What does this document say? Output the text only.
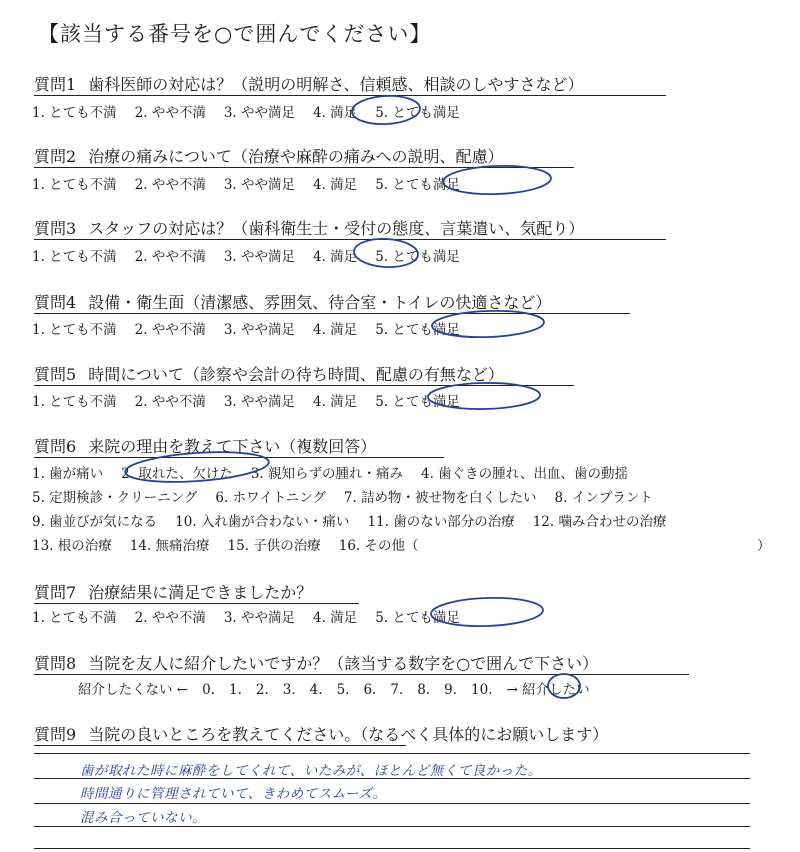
【該当する番号を○で囲んでください】
質問1 歯科医師の対応は？（説明の明解さ、信頼感、相談のしやすさなど）
1. とても不満 2. やや不満 3. やや満足 4. 満足 5. とても満足
質問2 治療の痛みについて（治療や麻酔の痛みへの説明、配慮）
1. とても不満 2. やや不満 3. やや満足 4. 満足 5. とても満足
質問3 スタッフの対応は？（歯科衛生士・受付の態度、言葉遣い、気配り）
1. とても不満 2. やや不満 3. やや満足 4. 満足 5. とても満足
質問4 設備・衛生面（清潔感、雰囲気、待合室・トイレの快適さなど）
1. とても不満 2. やや不満 3. やや満足 4. 満足 5. とても満足
質問5 時間について（診察や会計の待ち時間、配慮の有無など）
1. とても不満 2. やや不満 3. やや満足 4. 満足 5. とても満足
質問6 来院の理由を教えて下さい（複数回答）
1. 歯が痛い 2. 取れた、欠けた 3. 親知らずの腫れ・痛み 4. 歯ぐきの腫れ、出血、歯の動揺
5. 定期検診・クリーニング 6. ホワイトニング 7. 詰め物・被せ物を白くしたい 8. インプラント
9. 歯並びが気になる 10. 入れ歯が合わない・痛い 11. 歯のない部分の治療 12. 噛み合わせの治療
13. 根の治療 14. 無痛治療 15. 子供の治療 16. その他（	）
質問7 治療結果に満足できましたか？
1. とても不満 2. やや不満 3. やや満足 4. 満足 5. とても満足
質問8 当院を友人に紹介したいですか？（該当する数字を○で囲んで下さい）
紹介したくない ← 0. 1. 2. 3. 4. 5. 6. 7. 8. 9. 10. → 紹介したい
質問9 当院の良いところを教えてください。（なるべく具体的にお願いします）
歯が取れた時に麻酔をしてくれて、いたみが、ほとんど無くて良かった。
時間通りに管理されていて、きわめてスムーズ。
混み合っていない。
